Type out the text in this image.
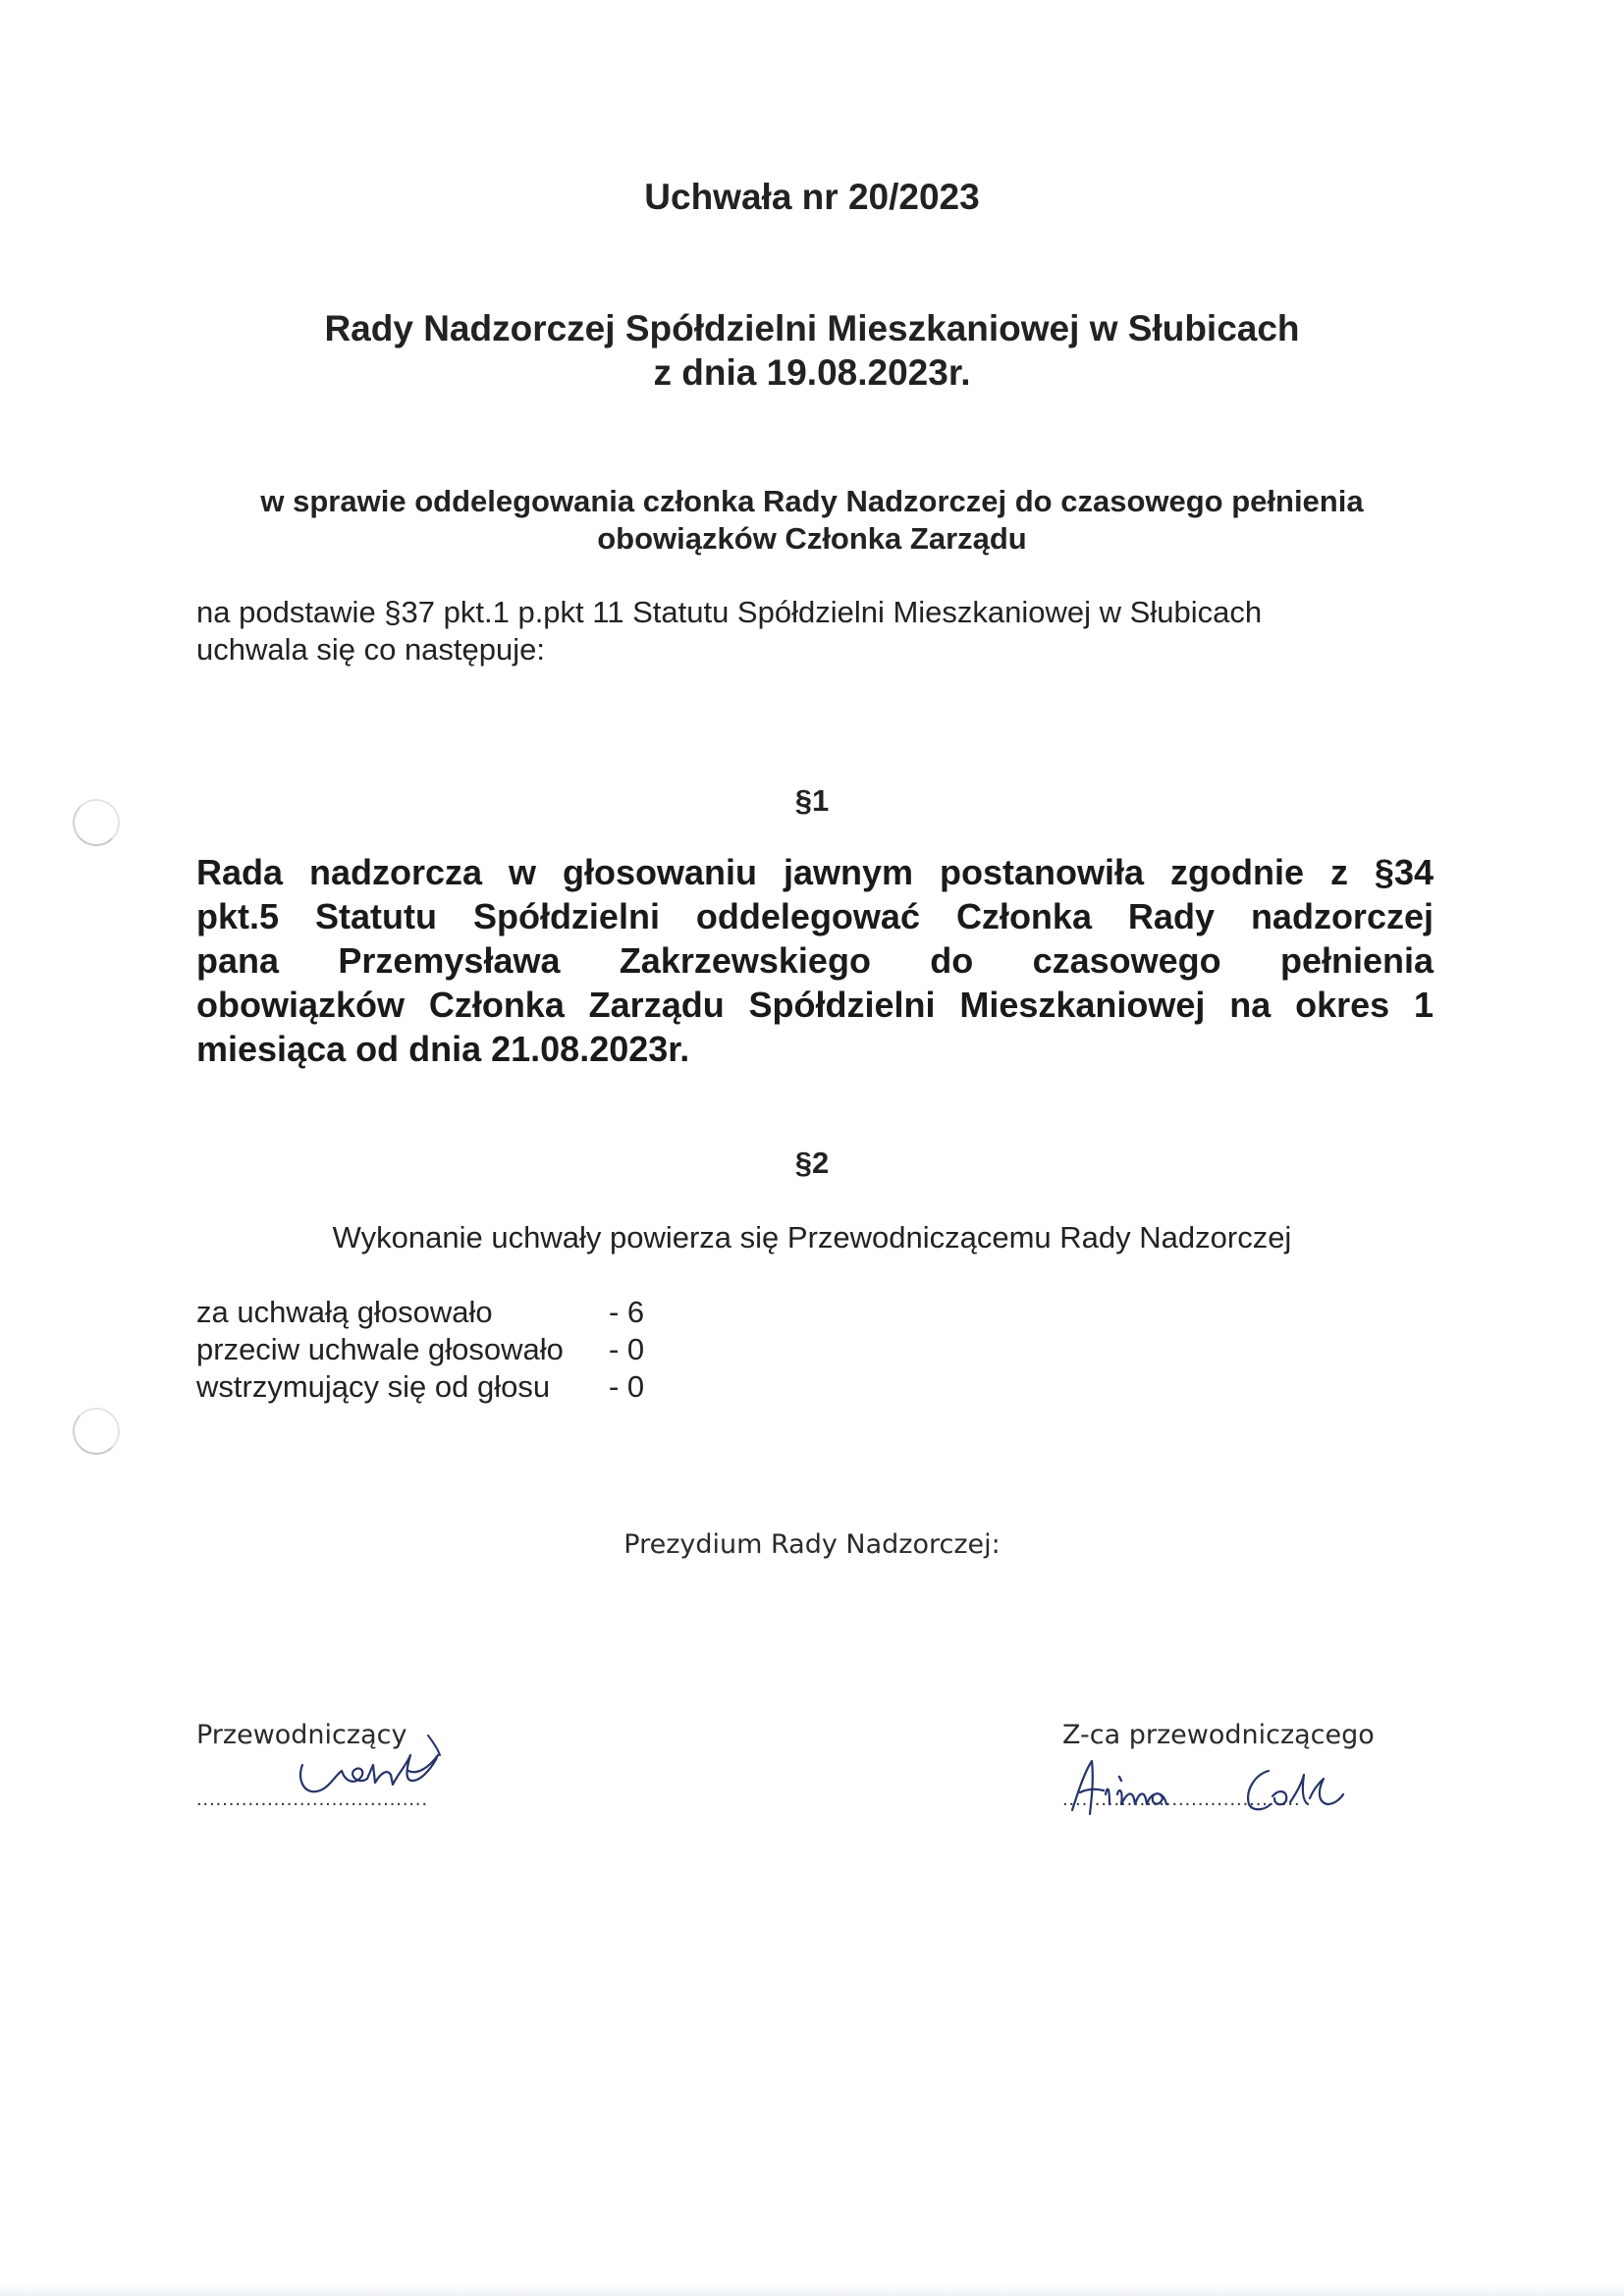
Uchwała nr 20/2023
Rady Nadzorczej Spółdzielni Mieszkaniowej w Słubicach
z dnia 19.08.2023r.
w sprawie oddelegowania członka Rady Nadzorczej do czasowego pełnienia
obowiązków Członka Zarządu
na podstawie §37 pkt.1 p.pkt 11 Statutu Spółdzielni Mieszkaniowej w Słubicach
uchwala się co następuje:
§1
Rada nadzorcza w głosowaniu jawnym postanowiła zgodnie z §34
pkt.5 Statutu Spółdzielni oddelegować Członka Rady nadzorczej
pana Przemysława Zakrzewskiego do czasowego pełnienia
obowiązków Członka Zarządu Spółdzielni Mieszkaniowej na okres 1
miesiąca od dnia 21.08.2023r.
§2
Wykonanie uchwały powierza się Przewodniczącemu Rady Nadzorczej
za uchwałą głosowało	- 6
przeciw uchwale głosowało - 0
wstrzymujący się od głosu - 0
Prezydium Rady Nadzorczej:
Przewodniczący
....................................
Z-ca przewodniczącego
.....................................
